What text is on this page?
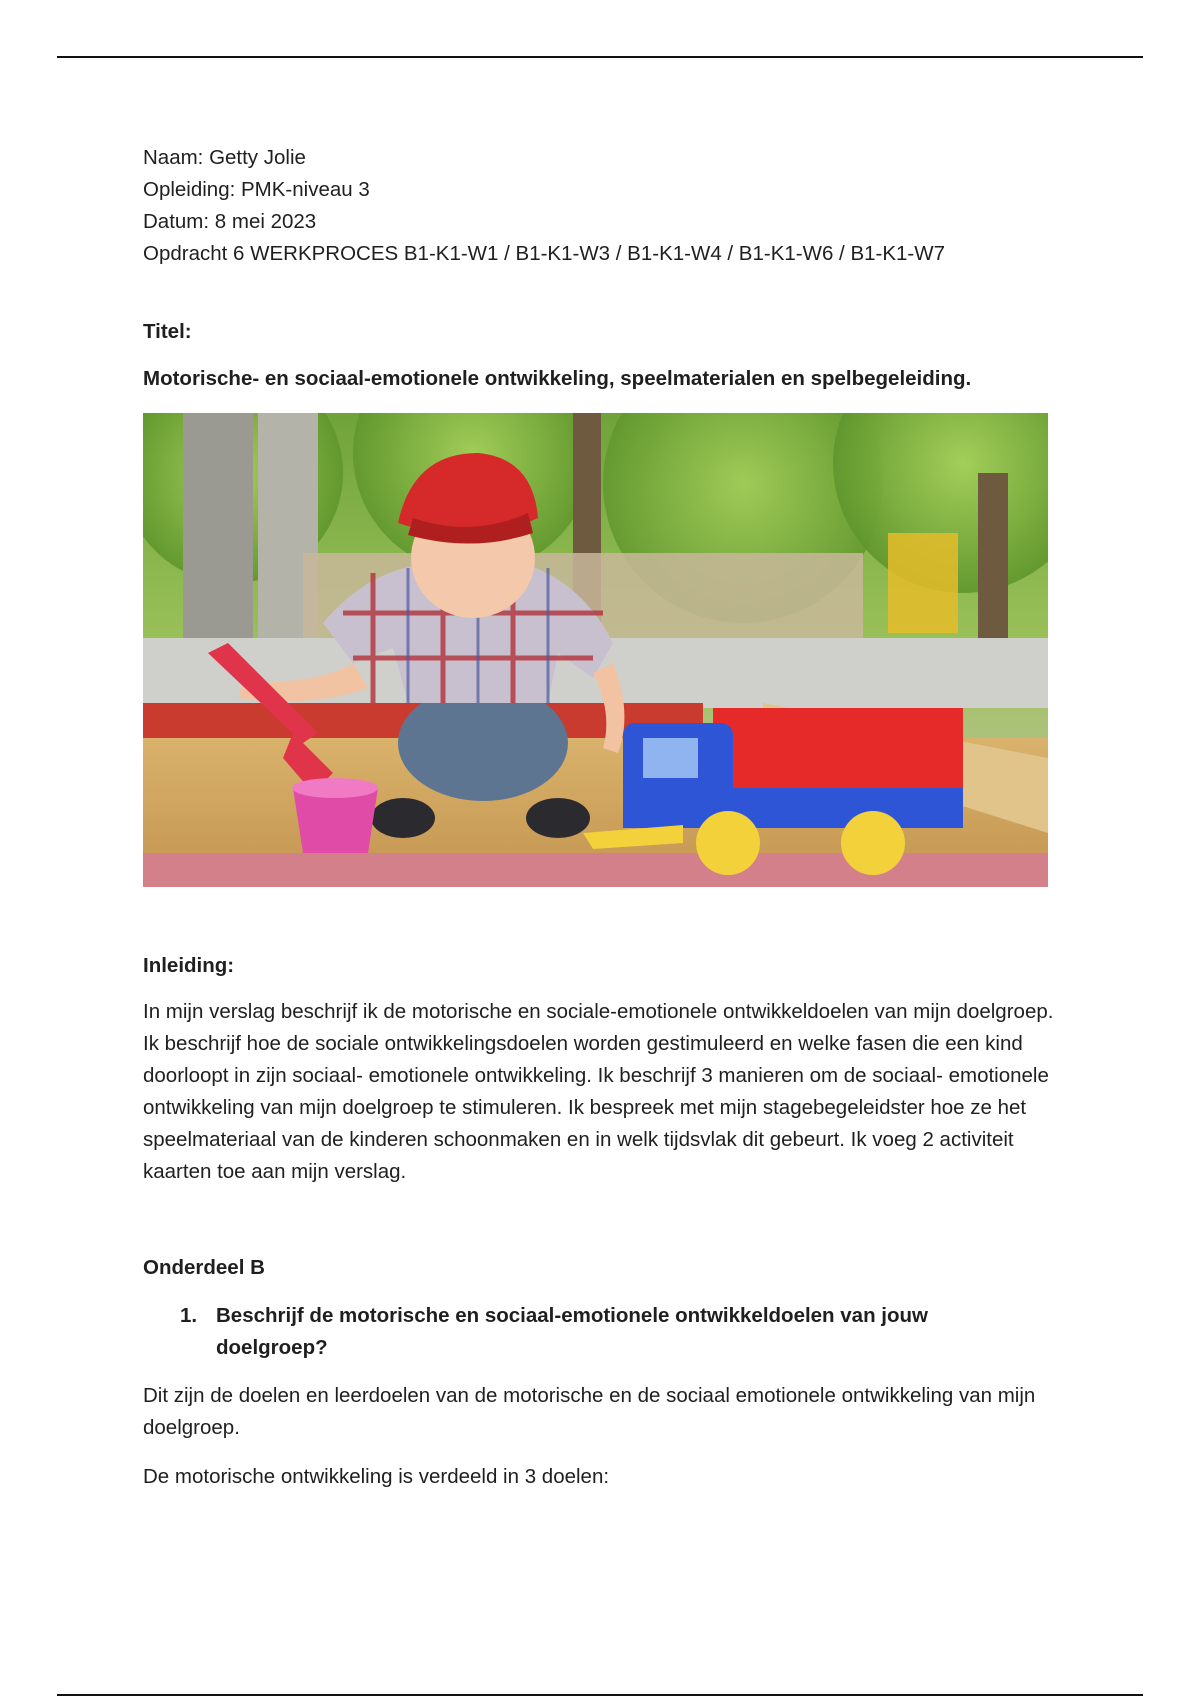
Naam: Getty Jolie
Opleiding: PMK-niveau 3
Datum: 8 mei 2023
Opdracht 6 WERKPROCES B1-K1-W1 / B1-K1-W3 / B1-K1-W4 / B1-K1-W6 / B1-K1-W7
Titel:
Motorische- en sociaal-emotionele ontwikkeling, speelmaterialen en spelbegeleiding.
Inleiding:
In mijn verslag beschrijf ik de motorische en sociale-emotionele ontwikkeldoelen van mijn doelgroep. Ik beschrijf hoe de sociale ontwikkelingsdoelen worden gestimuleerd en welke fasen die een kind doorloopt in zijn sociaal- emotionele ontwikkeling. Ik beschrijf 3 manieren om de sociaal- emotionele ontwikkeling van mijn doelgroep te stimuleren. Ik bespreek met mijn stagebegeleidster hoe ze het speelmateriaal van de kinderen schoonmaken en in welk tijdsvlak dit gebeurt. Ik voeg 2 activiteit kaarten toe aan mijn verslag.
Onderdeel B
1. Beschrijf de motorische en sociaal-emotionele ontwikkeldoelen van jouw doelgroep?
Dit zijn de doelen en leerdoelen van de motorische en de sociaal emotionele ontwikkeling van mijn doelgroep.
De motorische ontwikkeling is verdeeld in 3 doelen:
